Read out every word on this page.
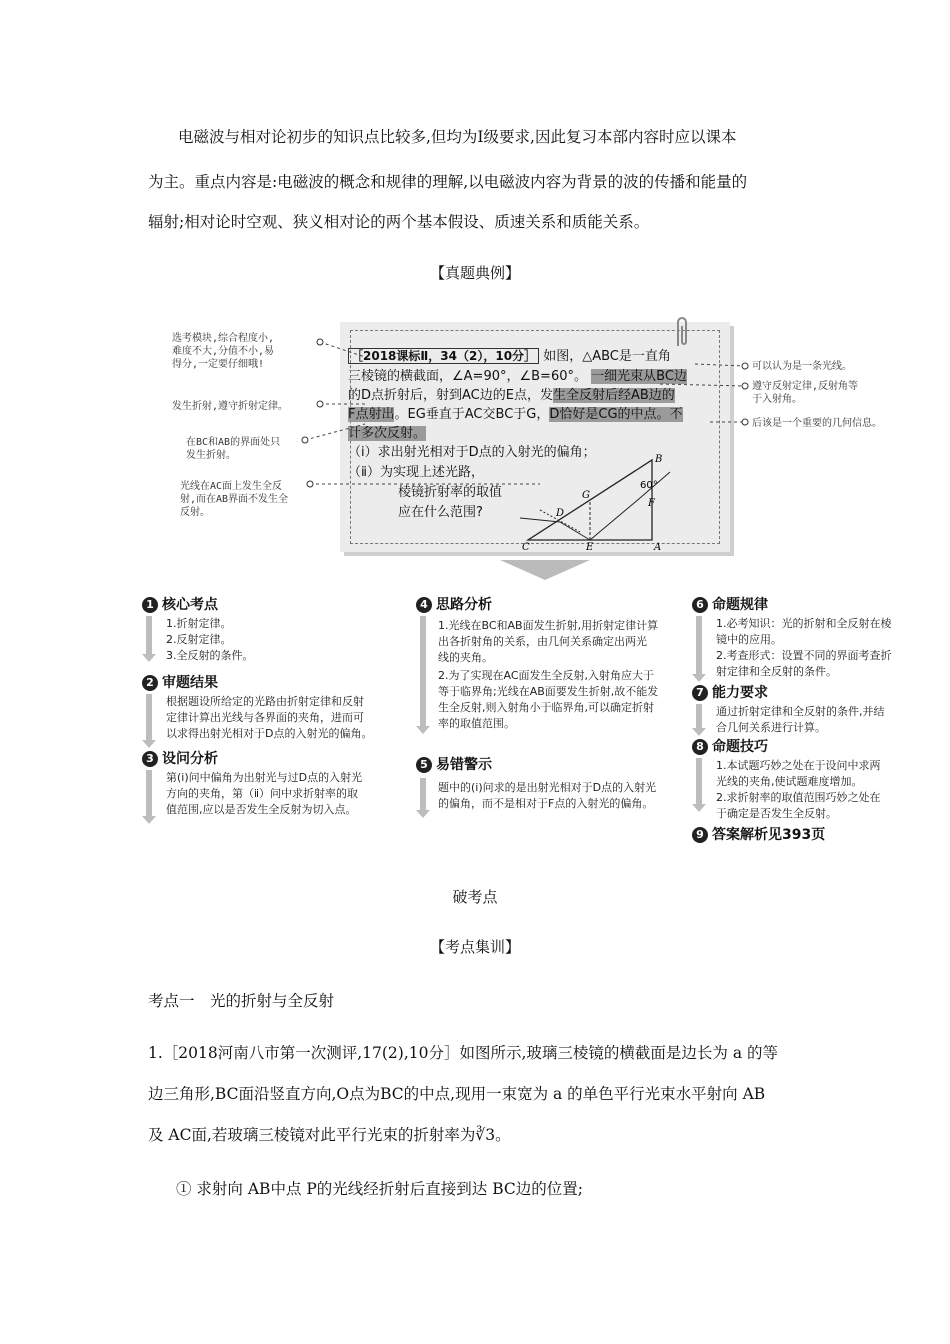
电磁波与相对论初步的知识点比较多,但均为Ⅰ级要求,因此复习本部内容时应以课本
为主。重点内容是:电磁波的概念和规律的理解,以电磁波内容为背景的波的传播和能量的
辐射;相对论时空观、狭义相对论的两个基本假设、质速关系和质能关系。
【真题典例】
［2018课标Ⅱ，34（2），10分］ 如图，△ABC是一直角
三棱镜的横截面，∠A=90°，∠B=60°。 一细光束从BC边
的D点折射后，射到AC边的E点，发生全反射后经AB边的
F点射出。EG垂直于AC交BC于G，D恰好是CG的中点。不
计多次反射。
（ⅰ）求出射光相对于D点的入射光的偏角；
（ⅱ）为实现上述光路，
棱镜折射率的取值
应在什么范围?
60°
B
G
F
D
C	E	A
选考模块,综合程度小,
难度不大,分值不小,易
得分,一定要仔细哦!
发生折射,遵守折射定律。
在BC和AB的界面处只
发生折射。
光线在AC面上发生全反
射,而在AB界面不发生全
反射。
可以认为是一条光线。
遵守反射定律,反射角等
于入射角。
后该是一个重要的几何信息。
1 核心考点
1.折射定律。
2.反射定律。
3.全反射的条件。
2 审题结果
根据题设所给定的光路由折射定律和反射
定律计算出光线与各界面的夹角，进而可
以求得出射光相对于D点的入射光的偏角。
3 设问分析
第(ⅰ)问中偏角为出射光与过D点的入射光
方向的夹角，第（ⅱ）问中求折射率的取
值范围,应以是否发生全反射为切入点。
4 思路分析
1.光线在BC和AB面发生折射,用折射定律计算
出各折射角的关系，由几何关系确定出两光
线的夹角。
2.为了实现在AC面发生全反射,入射角应大于
等于临界角;光线在AB面要发生折射,故不能发
生全反射,则入射角小于临界角,可以确定折射
率的取值范围。
5 易错警示
题中的(ⅰ)问求的是出射光相对于D点的入射光
的偏角，而不是相对于F点的入射光的偏角。
6 命题规律
1.必考知识：光的折射和全反射在棱
镜中的应用。
2.考查形式：设置不同的界面考查折
射定律和全反射的条件。
7 能力要求
通过折射定律和全反射的条件,并结
合几何关系进行计算。
8 命题技巧
1.本试题巧妙之处在于设问中求两
光线的夹角,使试题难度增加。
2.求折射率的取值范围巧妙之处在
于确定是否发生全反射。
9 答案解析见393页
破考点
【考点集训】
考点一　光的折射与全反射
1.［2018河南八市第一次测评,17(2),10分］如图所示,玻璃三棱镜的横截面是边长为 a 的等
边三角形,BC面沿竖直方向,O点为BC的中点,现用一束宽为 a 的单色平行光束水平射向 AB
及 AC面,若玻璃三棱镜对此平行光束的折射率为∛3。
① 求射向 AB中点 P的光线经折射后直接到达 BC边的位置;
